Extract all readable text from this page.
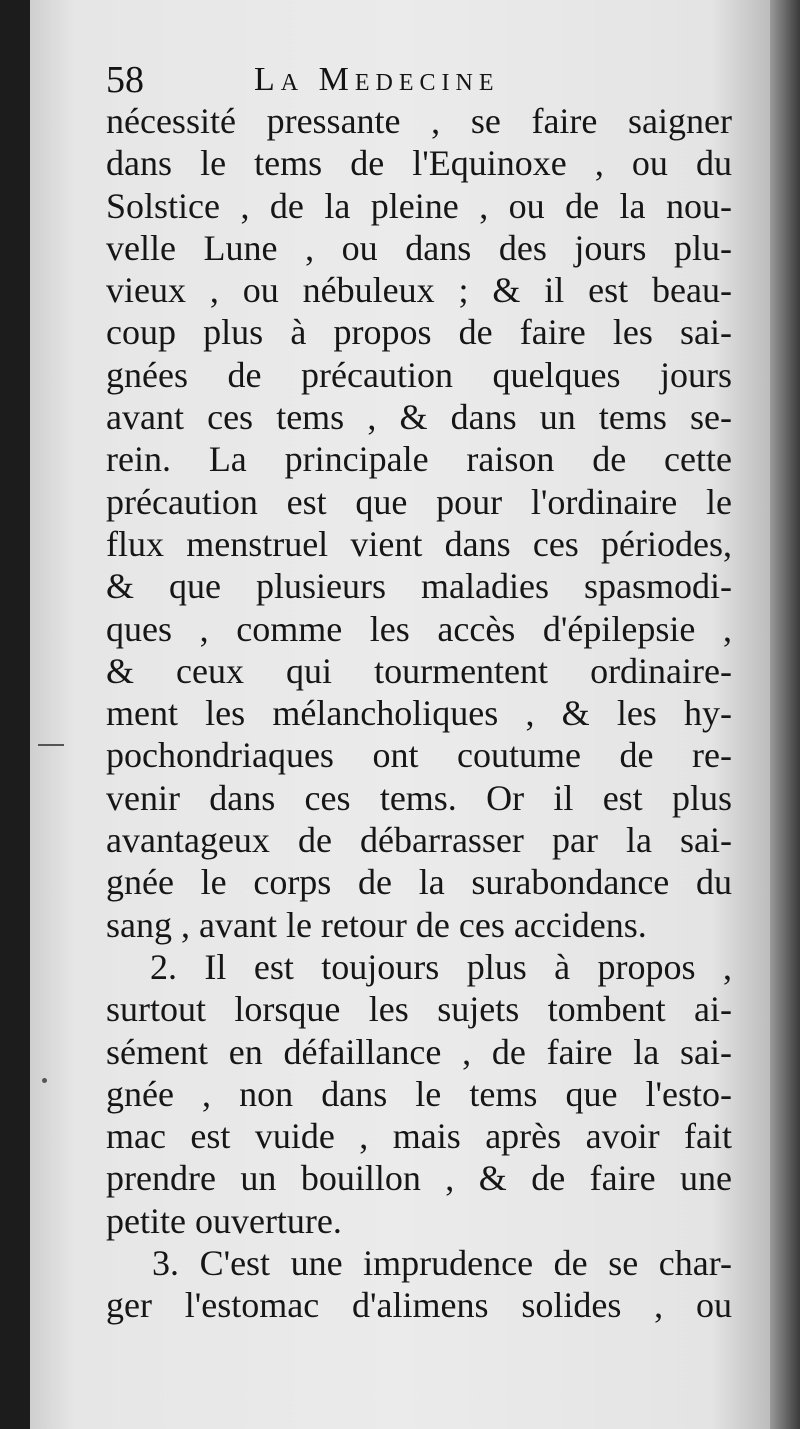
58	La Medecine
nécessité pressante , se faire saigner
dans le tems de l'Equinoxe , ou du
Solstice , de la pleine , ou de la nou-
velle Lune , ou dans des jours plu-
vieux , ou nébuleux ; & il est beau-
coup plus à propos de faire les sai-
gnées de précaution quelques jours
avant ces tems , & dans un tems se-
rein. La principale raison de cette
précaution est que pour l'ordinaire le
flux menstruel vient dans ces périodes,
& que plusieurs maladies spasmodi-
ques , comme les accès d'épilepsie ,
& ceux qui tourmentent ordinaire-
ment les mélancholiques , & les hy-
pochondriaques ont coutume de re-
venir dans ces tems. Or il est plus
avantageux de débarrasser par la sai-
gnée le corps de la surabondance du
sang , avant le retour de ces accidens.
2. Il est toujours plus à propos ,
surtout lorsque les sujets tombent ai-
sément en défaillance , de faire la sai-
gnée , non dans le tems que l'esto-
mac est vuide , mais après avoir fait
prendre un bouillon , & de faire une
petite ouverture.
3. C'est une imprudence de se char-
ger l'estomac d'alimens solides , ou
